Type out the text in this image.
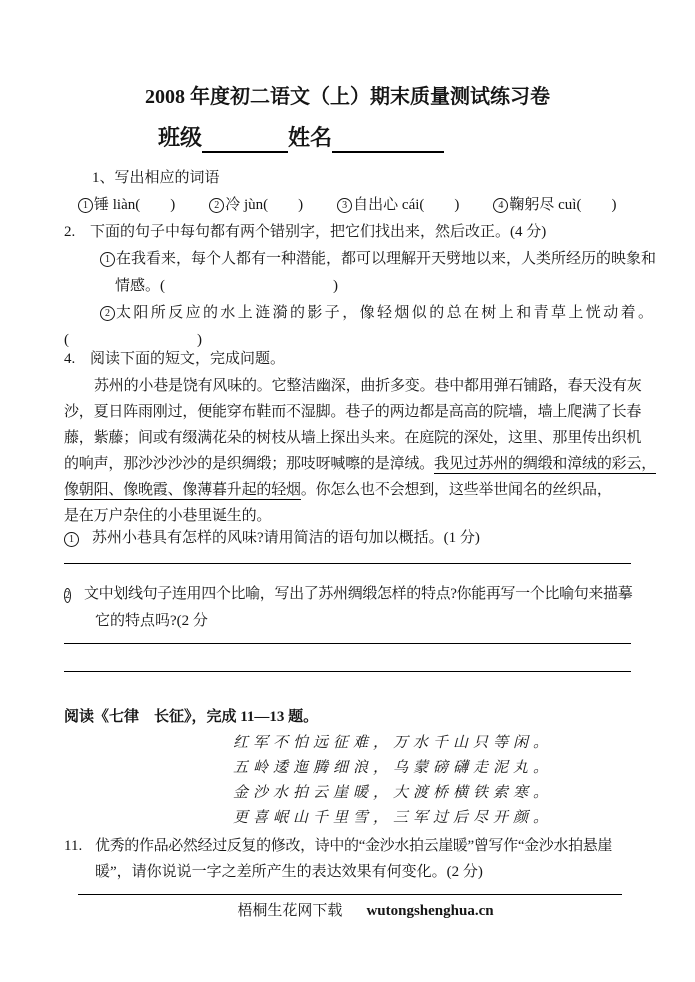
2008 年度初二语文（上）期末质量测试练习卷
班级	姓名
1、写出相应的词语
1 锤 liàn(　　)	2 冷 jùn(　　)	3 自出心 cái(　　)	4 鞠躬尽 cuì(　　)
2. 下面的句子中每句都有两个错别字，把它们找出来，然后改正。(4 分)
1 在我看来，每个人都有一种潜能，都可以理解开天劈地以来，人类所经历的映象和
情感。(	)
2 太阳所反应的水上涟漪的影子，像轻烟似的总在树上和青草上恍动着。
(	)
4. 阅读下面的短文，完成问题。
苏州的小巷是饶有风味的。它整洁幽深，曲折多变。巷中都用弹石铺路，春天没有灰
沙，夏日阵雨刚过，便能穿布鞋而不湿脚。巷子的两边都是高高的院墙，墙上爬满了长春
藤，紫藤；间或有缀满花朵的树枝从墙上探出头来。在庭院的深处，这里、那里传出织机
的响声，那沙沙沙沙的是织绸缎；那吱呀喊嚓的是漳绒。我见过苏州的绸缎和漳绒的彩云，
像朝阳、像晚霞、像薄暮升起的轻烟。你怎么也不会想到，这些举世闻名的丝织品，
是在万户杂住的小巷里诞生的。
1	苏州小巷具有怎样的风味?请用简洁的语句加以概括。(1 分)
2 文中划线句子连用四个比喻，写出了苏州绸缎怎样的特点?你能再写一个比喻句来描摹
它的特点吗?(2 分
阅读《七律　长征》，完成 11—13 题。
红军不怕远征难，万水千山只等闲。
五岭逶迤腾细浪，乌蒙磅礴走泥丸。
金沙水拍云崖暖，大渡桥横铁索寒。
更喜岷山千里雪，三军过后尽开颜。
11. 优秀的作品必然经过反复的修改，诗中的“金沙水拍云崖暖”曾写作“金沙水拍悬崖
暖”，请你说说一字之差所产生的表达效果有何变化。(2 分)
梧桐生花网下载 wutongshenghua.cn
